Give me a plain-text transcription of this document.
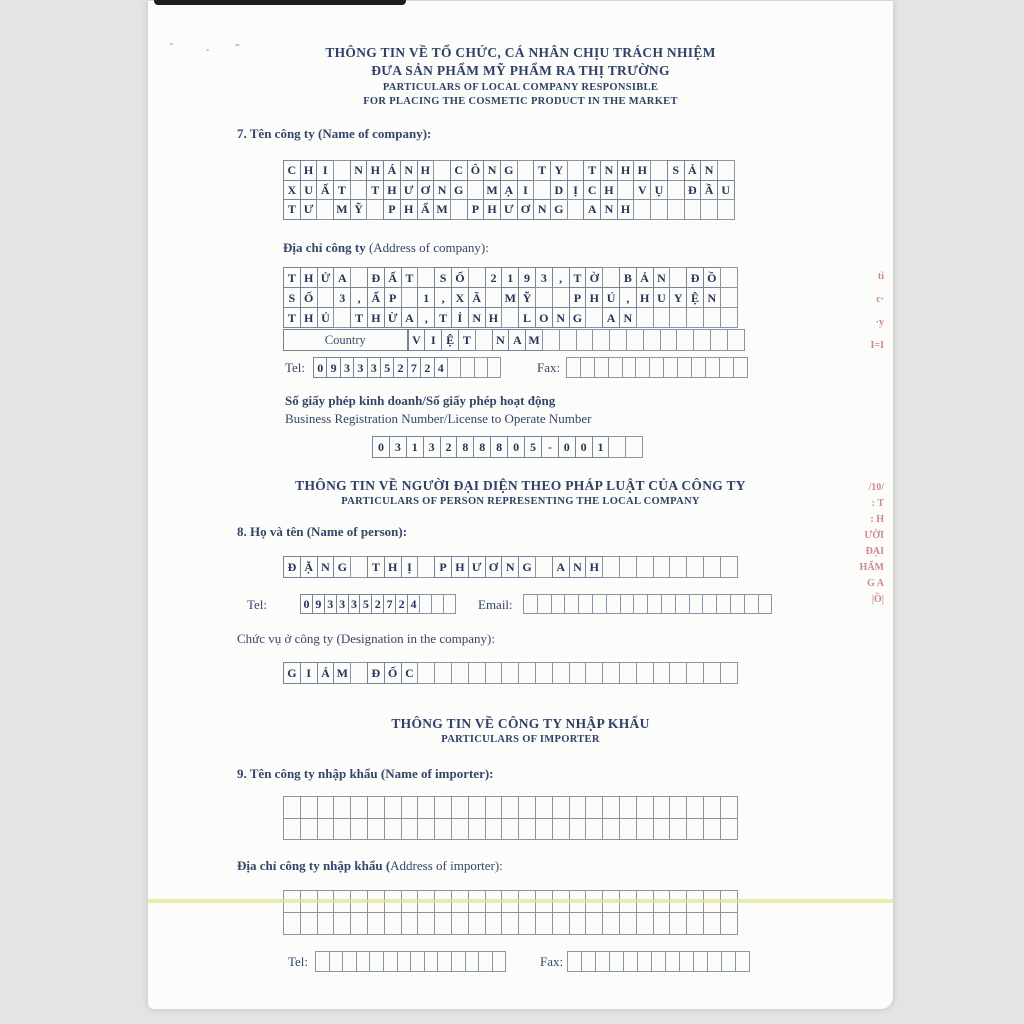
THÔNG TIN VỀ TỔ CHỨC, CÁ NHÂN CHỊU TRÁCH NHIỆM
ĐƯA SẢN PHẨM MỸ PHẨM RA THỊ TRƯỜNG
PARTICULARS OF LOCAL COMPANY RESPONSIBLE
FOR PLACING THE COSMETIC PRODUCT IN THE MARKET
7. Tên công ty (Name of company):
C H I	N H Á N H	C Ô N G	T Y	T N H H	S Ả N
X U Ấ T	T H Ư Ơ N G	M Ạ I	D Ị C H	V Ụ	Đ Ầ U
T Ư	M Ỹ	P H Ẩ M	P H Ư Ơ N G	A N H
Địa chỉ công ty (Address of company):
T H Ử A	Đ Ấ T	S Ố	2 1 9 3	, T Ờ	B Ả N	Đ Ồ
S Ố	3	, Ấ P	1	, X Ã	M Ỹ	P H Ú , H U Y Ệ N
T H Ủ	T H Ừ A , T Ỉ N H	L O N G	A N
Country	V I Ệ T	N A M
Tel:	0 9 3 3 3 5 2 7 2 4	Fax:
Số giấy phép kinh doanh/Số giấy phép hoạt động
Business Registration Number/License to Operate Number
0 3 1 3 2 8 8 8 0 5 - 0 0 1
THÔNG TIN VỀ NGƯỜI ĐẠI DIỆN THEO PHÁP LUẬT CỦA CÔNG TY
PARTICULARS OF PERSON REPRESENTING THE LOCAL COMPANY
8. Họ và tên (Name of person):
Đ Ặ N G	T H Ị	P H Ư Ơ N G	A N H
Tel:	0 9 3 3 3 5 2 7 2 4	Email:
Chức vụ ở công ty (Designation in the company):
G I Á M	Đ Ố C
THÔNG TIN VỀ CÔNG TY NHẬP KHẨU
PARTICULARS OF IMPORTER
9. Tên công ty nhập khẩu (Name of importer):
Địa chỉ công ty nhập khẩu (Address of importer):
Tel:	Fax:
tì
c·
·y
I=I
/10/
: T
: H
ƯỜI
ĐẠI
HẨM
G A
|Ồ|
